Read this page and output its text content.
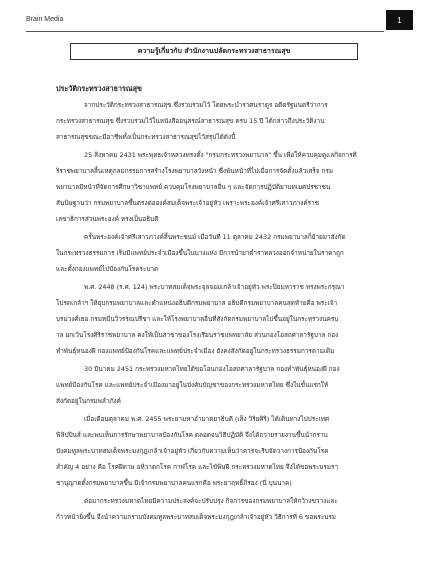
Brain Media	1
ความรู้เกี่ยวกับ สำนักงานปลัดกระทรวงสาธารณสุข
ประวัติกระทรวงสาธารณสุข
จากประวัติกระทรวงสาธารณสุข ซึ่งรวบรวมไว้ โดยพระบำราศนราดูร อดีตรัฐมนตรีว่าการ
กระทรวงสาธารณสุข ซึ่งรวบรวมไว้ในหนังสืออนุสรณ์สาธารณสุข ครบ 15 ปี ได้กล่าวถึงประวัติงาน
สาธารณสุขขณะมีอาชีพทั้งเป็นกระทรวงสาธารณสุขไว้สรุปได้ดังนี้
25 สิงหาคม 2431 พระพุทธเจ้าหลวงทรงตั้ง "กรมกระทรวงพยาบาล" ขึ้น เพื่อให้ควบคุมดูแลกิจการศิ
ริราชพยาบาลสิ้นเหตุกลมกรรมการสร้างโรงพยาบาลวังหน้า ซึ่งพ้นหน้าที่ไปเมื่อการจัดตั้งแล้วเสร็จ กรม
พยาบาลมีหน้าที่จัดการศึกษาวิชาแพทย์ ควบคุมโรงพยาบาลอื่น ๆ และจัดการปฏิบัติยาบทเมศปรชาชน
สันนิษฐานว่า กรมพยาบาลขึ้นตรงต่อองค์สมเด็จพระเจ้าอยู่หัว เพราะพระองค์เจ้าศรีเสาวภางค์ราช
เลขาธิการส่วนพระองค์ ทรงเป็นอธิบดี
ครั้นพระองค์เจ้าศรีเสาวภางค์สิ้นพระชนม์ เมื่อวันที่ 11 ตุลาคม 2432 กรมพยาบาลก็ย้ายมาสังกัด
ในกระทรวงธรรมการ เริ่มมีแพทย์ประจำเมืองขึ้นในบางแห่ง มีการนำยาตำราหลวงออกจำหน่ายในราคาถูก
และตั้งกองแพทย์ไปป้องกันโรคระบาด
พ.ศ. 2448 (ร.ศ. 124) พระบาทสมเด็จพระจุลจอมเกล้าเจ้าอยู่หัว พระปิยมหาราช ทรงพระกรุณา
โปรดเกล้าฯ ให้ยุบกรมพยาบาลและตำแหน่งอธิบดีกรมพยาบาล อธิบดีกรมพยาบาลคนสุดท้ายคือ พระเจ้า
บรมวงศ์เธอ กรมหมื่นวิวรรณปรีชา และให้โรงพยาบาลอื่นที่สังกัดกรมพยาบาลไปขึ้นอยู่ในกระทรวงนครบ
าล ยกเว้นโรงศิริราชพยาบาล คงให้เป็นสาขาของโรงเรียนราชแพทยาลัย ส่วนกองโอสถศาลารัฐบาล กอง
ทำพันธุ์หนองฝี กองแพทย์ป้องกันโรคและแพทย์ประจำเมือง ยังคงสังกัดอยู่ในกระทรวงธรรมการตามเดิม
30 มีนาคม 2451 กระทรวงมหาดไทยได้ขอโอนกองโอสถศาลารัฐบาล กองทำพันธุ์หนองฝี กอง
แพทย์ป้องกันโรค และแพทย์ประจำเมืองมาอยู่ในบังคับบัญชาของกระทรวงมหาดไทย ซึ่งในขั้นแรกให้
สังกัดอยู่ในกรมพลำภังค์
เมื่อเดือนตุลาคม พ.ศ. 2455 พระยามหาอำมาตยาธิบดี (เส็ง วิริยศิริ) ได้เดินทางไปประเทศ
ฟิลิปปินส์ และพบเห็นการรักษาพยาบาลป้องกันโรค ตลอดจนวิธีปฏิบัติ จึงได้ถวายรายงานขึ้นนำกราบ
บังคมทูลพระบาทสมเด็จพระมงกุฎเกล้าเจ้าอยู่หัว เกี่ยวกับความเห็นว่าควรจะรีบจัดวางการป้องกันโรค
สำคัญ 4 อย่าง คือ โรคฝีดาษ อหิวาตกโรค กาฬโรค และไข้พิษฝี กระทรวงมหาดไทย จึงได้ขอพระบรมรา
ชานุญาตตั้งกรมพยาบาลขึ้น มีเจ้ากรมพยาบาลคนแรกคือ พระยาฤทธิ์ภิรอง (นี่ บุนนาค)
ต่อมากระทรวงมหาดไทยมีความประสงค์จะปรับปรุง กิจการของกรมพยาบาลให้กว้างขวางและ
ก้าวหน้ายิ่งขึ้น จึงนำความกราบบังคมทูลพระบาทสมเด็จพระมงกุฎเกล้าเจ้าอยู่หัว วิธีการที่ 6 ขอพระบรม
